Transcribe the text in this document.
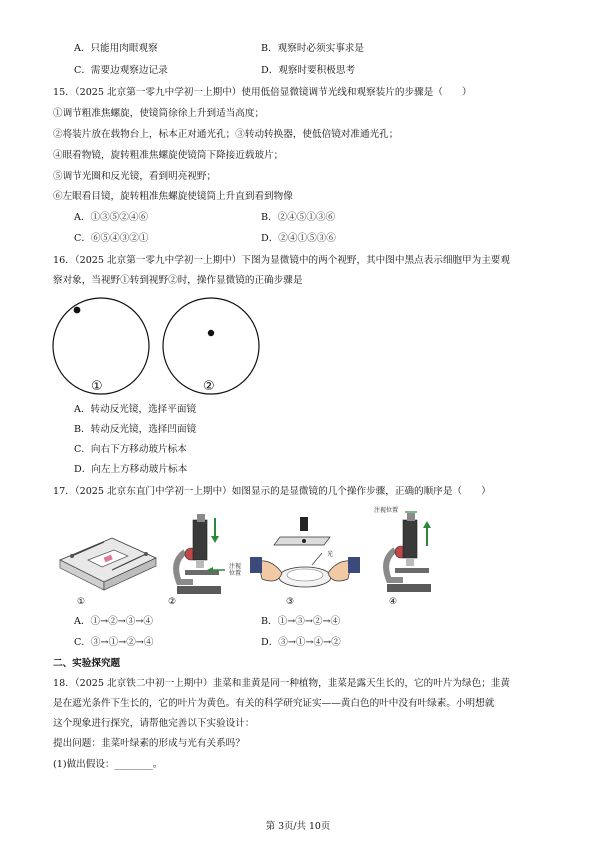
A．只能用肉眼观察	B．观察时必须实事求是
C．需要边观察边记录	D．观察时要积极思考
15．（2025 北京第一零九中学初一上期中）使用低倍显微镜调节光线和观察装片的步骤是（　　）
①调节粗准焦螺旋，使镜筒徐徐上升到适当高度；
②将装片放在载物台上，标本正对通光孔；③转动转换器，使低倍镜对准通光孔；
④眼看物镜，旋转粗准焦螺旋使镜筒下降接近载玻片；
⑤调节光圈和反光镜，看到明亮视野；
⑥左眼看目镜，旋转粗准焦螺旋使镜筒上升直到看到物像
A．①③⑤②④⑥	B．②④⑤①③⑥
C．⑥⑤④③②①	D．②④①⑤③⑥
16．（2025 北京第一零九中学初一上期中）下图为显微镜中的两个视野，其中图中黑点表示细胞甲为主要观
察对象，当视野①转到视野②时，操作显微镜的正确步骤是
①	②
A．转动反光镜，选择平面镜
B．转动反光镜，选择凹面镜
C．向右下方移动玻片标本
D．向左上方移动玻片标本
17．（2025 北京东直门中学初一上期中）如图显示的是显微镜的几个操作步骤，正确的顺序是（　　）
注视
位置
光
注视位置
①	②	③	④
A．①→②→③→④	B．①→③→②→④
C．③→①→②→④	D．③→①→④→②
二、实验探究题
18．（2025 北京铁二中初一上期中）韭菜和韭黄是同一种植物，韭菜是露天生长的，它的叶片为绿色；韭黄
是在遮光条件下生长的，它的叶片为黄色。有关的科学研究证实——黄白色的叶中没有叶绿素。小明想就
这个现象进行探究，请帮他完善以下实验设计：
提出问题：韭菜叶绿素的形成与光有关系吗？
(1)做出假设：________。
第 3页/共 10页
